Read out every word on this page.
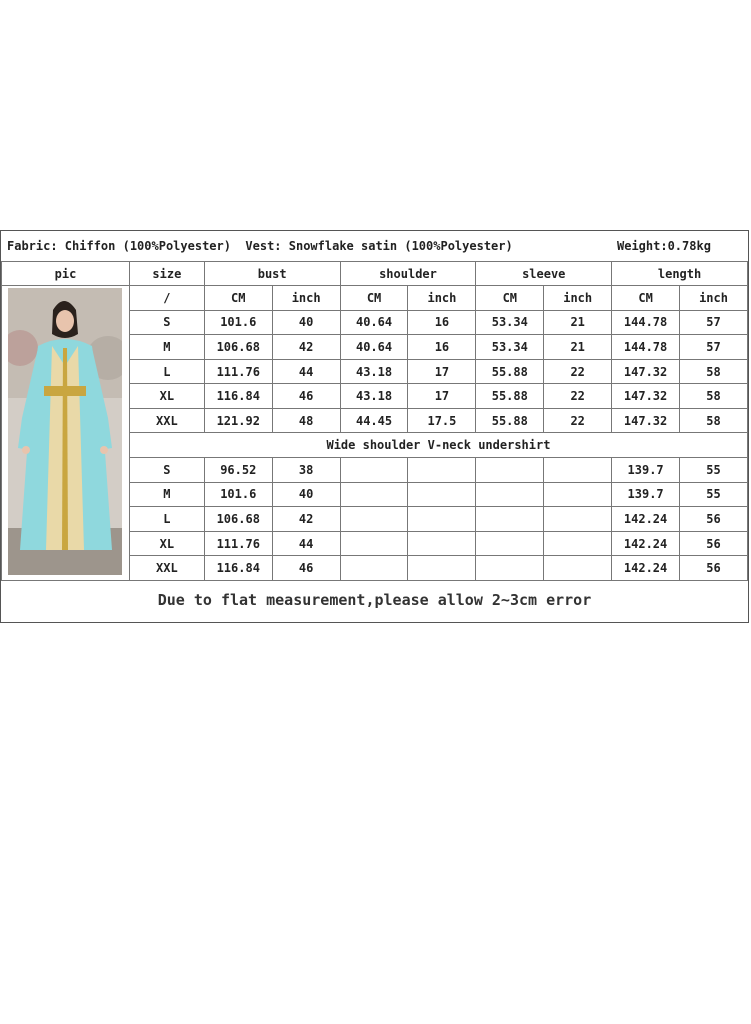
Fabric: Chiffon (100%Polyester)  Vest: Snowflake satin (100%Polyester)	Weight:0.78kg
pic	size	bust		shoulder		sleeve		length	
	/	CM	inch	CM	inch	CM	inch	CM	inch
	S	101.6	40	40.64	16	53.34	21	144.78	57
	M	106.68	42	40.64	16	53.34	21	144.78	57
	L	111.76	44	43.18	17	55.88	22	147.32	58
	XL	116.84	46	43.18	17	55.88	22	147.32	58
	XXL	121.92	48	44.45	17.5	55.88	22	147.32	58
	Wide shoulder V-neck undershirt								
	S	96.52	38					139.7	55
	M	101.6	40					139.7	55
	L	106.68	42					142.24	56
	XL	111.76	44					142.24	56
	XXL	116.84	46					142.24	56
Due to flat measurement,please allow 2~3cm error
